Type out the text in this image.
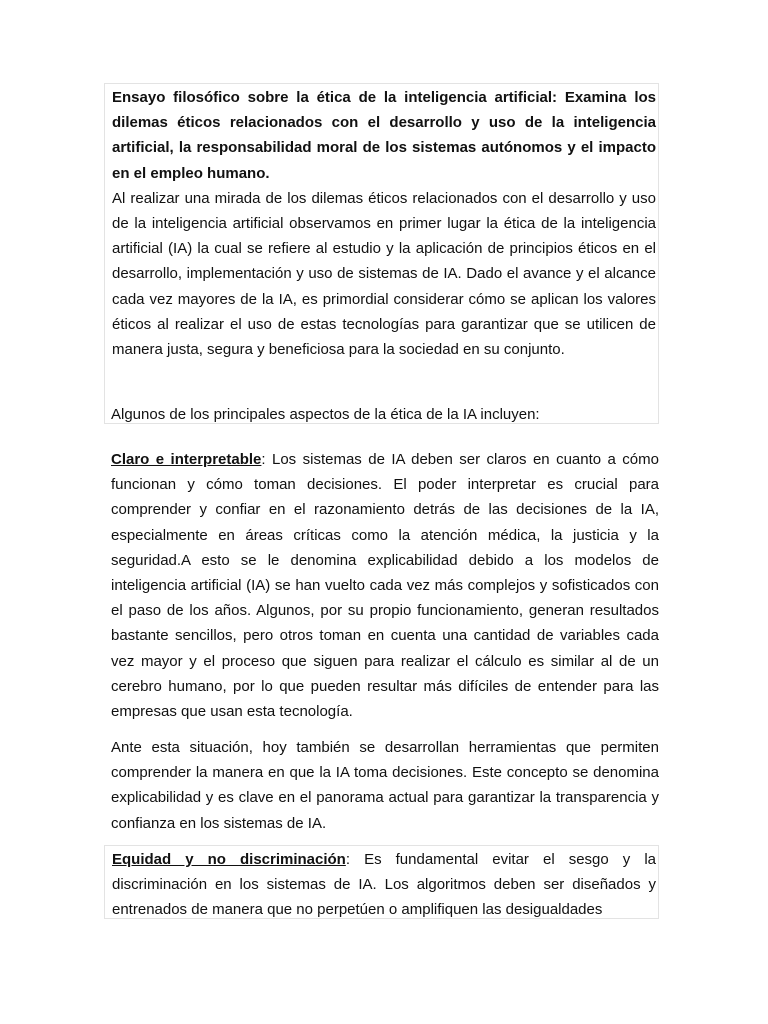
Ensayo filosófico sobre la ética de la inteligencia artificial: Examina los dilemas éticos relacionados con el desarrollo y uso de la inteligencia artificial, la responsabilidad moral de los sistemas autónomos y el impacto en el empleo humano.
Al realizar una mirada de los dilemas éticos relacionados con el desarrollo y uso de la inteligencia artificial observamos en primer lugar la ética de la inteligencia artificial (IA) la cual se refiere al estudio y la aplicación de principios éticos en el desarrollo, implementación y uso de sistemas de IA. Dado el avance y el alcance cada vez mayores de la IA, es primordial considerar cómo se aplican los valores éticos al realizar el uso de estas tecnologías para garantizar que se utilicen de manera justa, segura y beneficiosa para la sociedad en su conjunto.
Algunos de los principales aspectos de la ética de la IA incluyen:
Claro e interpretable: Los sistemas de IA deben ser claros en cuanto a cómo funcionan y cómo toman decisiones. El poder interpretar es crucial para comprender y confiar en el razonamiento detrás de las decisiones de la IA, especialmente en áreas críticas como la atención médica, la justicia y la seguridad.A esto se le denomina explicabilidad debido a los modelos de inteligencia artificial (IA) se han vuelto cada vez más complejos y sofisticados con el paso de los años. Algunos, por su propio funcionamiento, generan resultados bastante sencillos, pero otros toman en cuenta una cantidad de variables cada vez mayor y el proceso que siguen para realizar el cálculo es similar al de un cerebro humano, por lo que pueden resultar más difíciles de entender para las empresas que usan esta tecnología.
Ante esta situación, hoy también se desarrollan herramientas que permiten comprender la manera en que la IA toma decisiones. Este concepto se denomina explicabilidad y es clave en el panorama actual para garantizar la transparencia y confianza en los sistemas de IA.
Equidad y no discriminación: Es fundamental evitar el sesgo y la discriminación en los sistemas de IA. Los algoritmos deben ser diseñados y entrenados de manera que no perpetúen o amplifiquen las desigualdades
